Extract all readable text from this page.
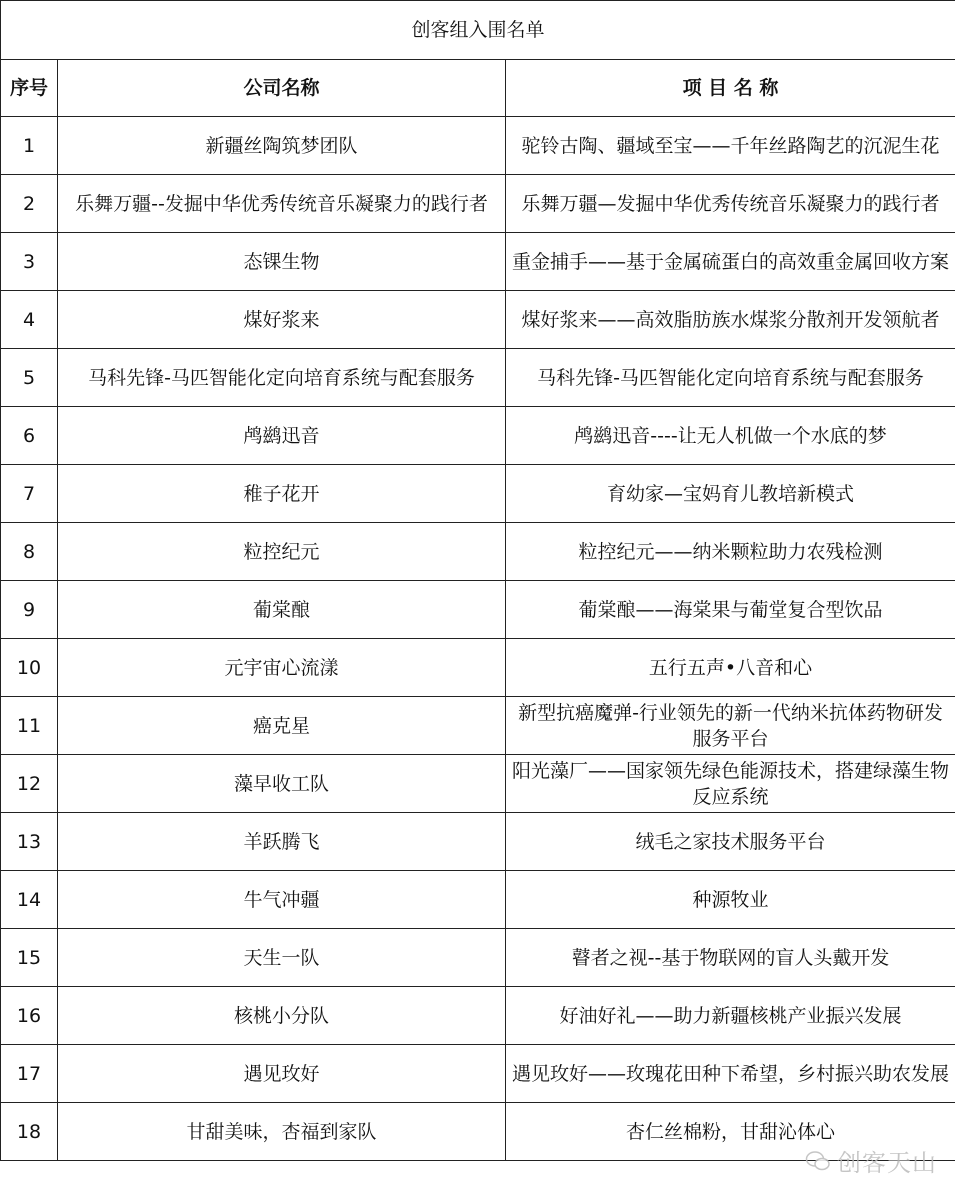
创客组入围名单		
序号	公司名称	项 目 名 称
1	新疆丝陶筑梦团队	驼铃古陶、疆域至宝——千年丝路陶艺的沉泥生花
2	乐舞万疆--发掘中华优秀传统音乐凝聚力的践行者	乐舞万疆—发掘中华优秀传统音乐凝聚力的践行者
3	态锞生物	重金捕手——基于金属硫蛋白的高效重金属回收方案
4	煤好浆来	煤好浆来——高效脂肪族水煤浆分散剂开发领航者
5	马科先锋-马匹智能化定向培育系统与配套服务	马科先锋-马匹智能化定向培育系统与配套服务
6	鸬鹚迅音	鸬鹚迅音----让无人机做一个水底的梦
7	稚子花开	育幼家—宝妈育儿教培新模式
8	粒控纪元	粒控纪元——纳米颗粒助力农残检测
9	葡棠酿	葡棠酿——海棠果与葡堂复合型饮品
10	元宇宙心流漾	五行五声•八音和心
11	癌克星	新型抗癌魔弹-行业领先的新一代纳米抗体药物研发服务平台
12	藻早收工队	阳光藻厂——国家领先绿色能源技术，搭建绿藻生物反应系统
13	羊跃腾飞	绒毛之家技术服务平台
14	牛气冲疆	种源牧业
15	天生一队	瞽者之视--基于物联网的盲人头戴开发
16	核桃小分队	好油好礼——助力新疆核桃产业振兴发展
17	遇见玫好	遇见玫好——玫瑰花田种下希望，乡村振兴助农发展
18	甘甜美味，杏福到家队	杏仁丝棉粉，甘甜沁体心
创客天山
